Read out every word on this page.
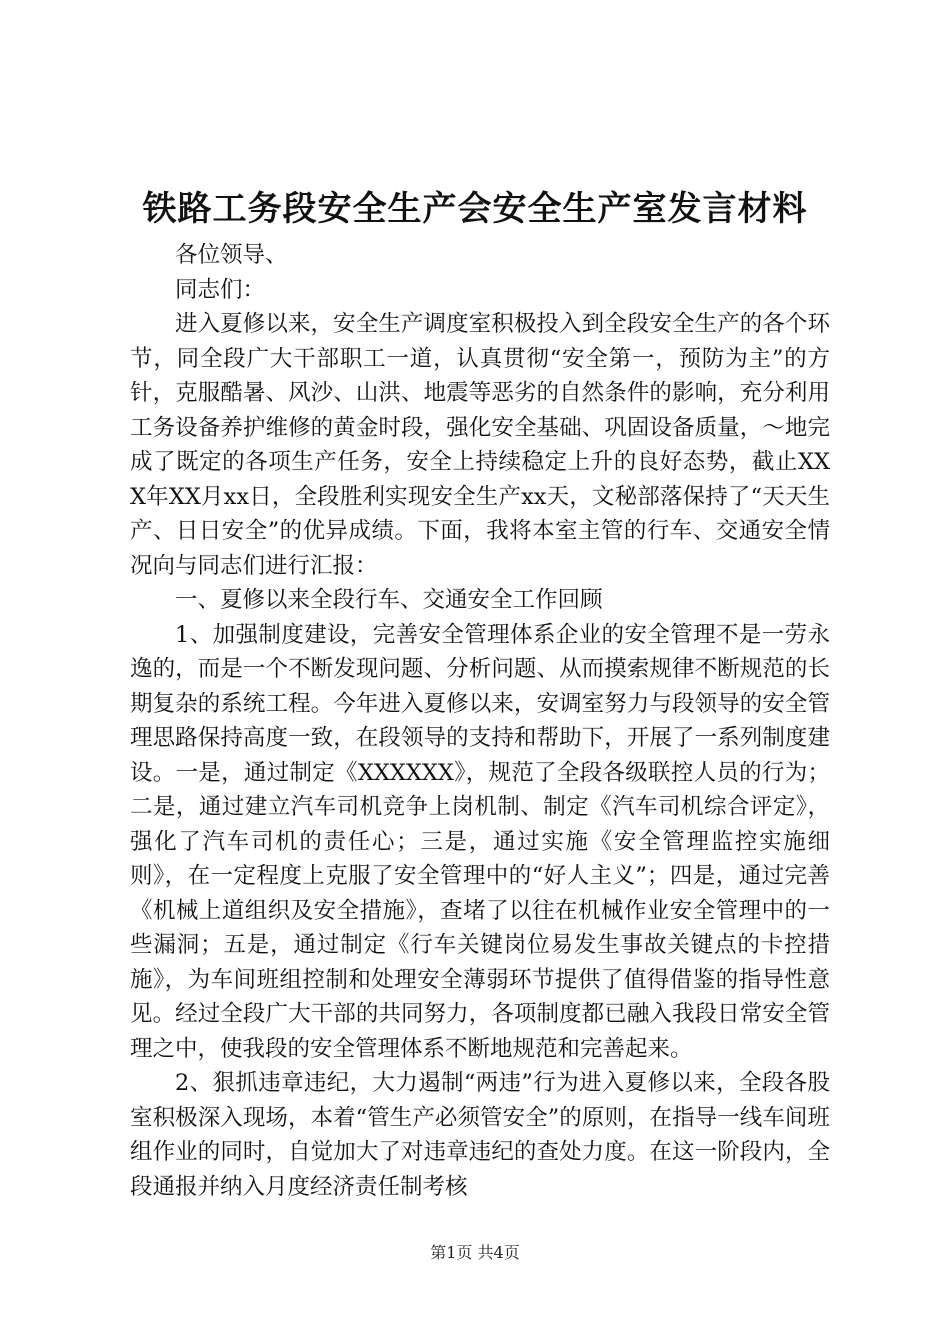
铁路工务段安全生产会安全生产室发言材料

各位领导、

同志们：

进入夏修以来，安全生产调度室积极投入到全段安全生产的各个环节，同全段广大干部职工一道，认真贯彻“安全第一，预防为主”的方针，克服酷暑、风沙、山洪、地震等恶劣的自然条件的影响，充分利用工务设备养护维修的黄金时段，强化安全基础、巩固设备质量，～地完成了既定的各项生产任务，安全上持续稳定上升的良好态势，截止XXX年XX月xx日，全段胜利实现安全生产xx天，文秘部落保持了“天天生产、日日安全”的优异成绩。下面，我将本室主管的行车、交通安全情况向与同志们进行汇报：

一、夏修以来全段行车、交通安全工作回顾

1、加强制度建设，完善安全管理体系企业的安全管理不是一劳永逸的，而是一个不断发现问题、分析问题、从而摸索规律不断规范的长期复杂的系统工程。今年进入夏修以来，安调室努力与段领导的安全管理思路保持高度一致，在段领导的支持和帮助下，开展了一系列制度建设。一是，通过制定《XXXXXX》，规范了全段各级联控人员的行为；二是，通过建立汽车司机竞争上岗机制、制定《汽车司机综合评定》，强化了汽车司机的责任心；三是，通过实施《安全管理监控实施细则》，在一定程度上克服了安全管理中的“好人主义”；四是，通过完善《机械上道组织及安全措施》，查堵了以往在机械作业安全管理中的一些漏洞；五是，通过制定《行车关键岗位易发生事故关键点的卡控措施》，为车间班组控制和处理安全薄弱环节提供了值得借鉴的指导性意见。经过全段广大干部的共同努力，各项制度都已融入我段日常安全管理之中，使我段的安全管理体系不断地规范和完善起来。

2、狠抓违章违纪，大力遏制“两违”行为进入夏修以来，全段各股室积极深入现场，本着“管生产必须管安全”的原则，在指导一线车间班组作业的同时，自觉加大了对违章违纪的查处力度。在这一阶段内，全段通报并纳入月度经济责任制考核

第1页 共4页
